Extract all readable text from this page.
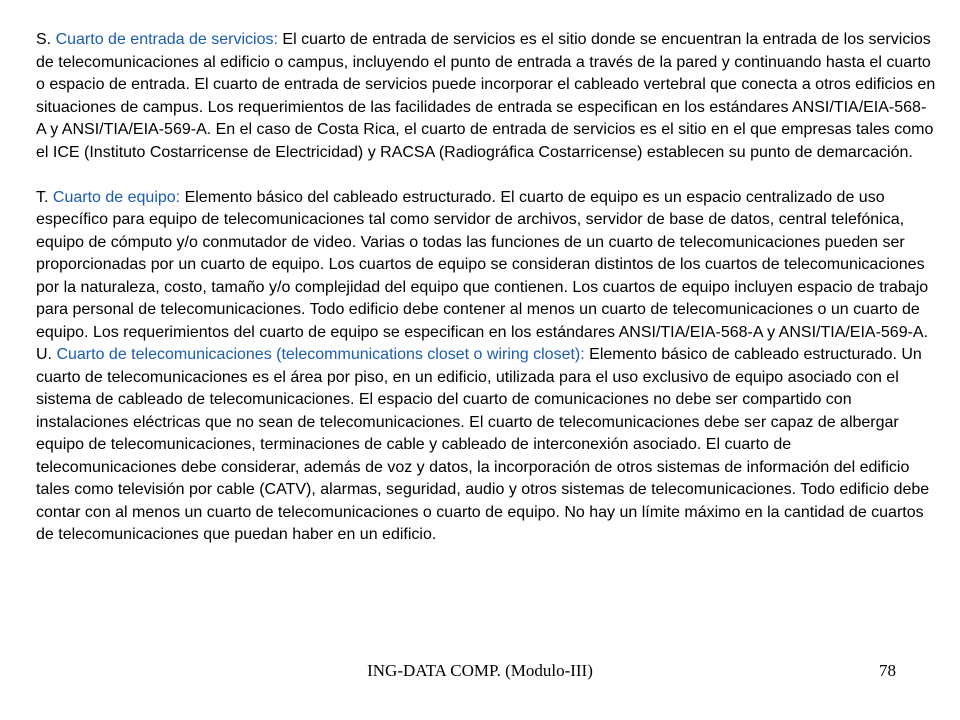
S. Cuarto de entrada de servicios: El cuarto de entrada de servicios es el sitio donde se encuentran la entrada de los servicios de telecomunicaciones al edificio o campus, incluyendo el punto de entrada a través de la pared y continuando hasta el cuarto o espacio de entrada. El cuarto de entrada de servicios puede incorporar el cableado vertebral que conecta a otros edificios en situaciones de campus. Los requerimientos de las facilidades de entrada se especifican en los estándares ANSI/TIA/EIA-568-A y ANSI/TIA/EIA-569-A. En el caso de Costa Rica, el cuarto de entrada de servicios es el sitio en el que empresas tales como el ICE (Instituto Costarricense de Electricidad) y RACSA (Radiográfica Costarricense) establecen su punto de demarcación.

T. Cuarto de equipo: Elemento básico del cableado estructurado. El cuarto de equipo es un espacio centralizado de uso específico para equipo de telecomunicaciones tal como servidor de archivos, servidor de base de datos, central telefónica, equipo de cómputo y/o conmutador de video. Varias o todas las funciones de un cuarto de telecomunicaciones pueden ser proporcionadas por un cuarto de equipo. Los cuartos de equipo se consideran distintos de los cuartos de telecomunicaciones por la naturaleza, costo, tamaño y/o complejidad del equipo que contienen. Los cuartos de equipo incluyen espacio de trabajo para personal de telecomunicaciones. Todo edificio debe contener al menos un cuarto de telecomunicaciones o un cuarto de equipo. Los requerimientos del cuarto de equipo se especifican en los estándares ANSI/TIA/EIA-568-A y ANSI/TIA/EIA-569-A.

U. Cuarto de telecomunicaciones (telecommunications closet o wiring closet): Elemento básico de cableado estructurado. Un cuarto de telecomunicaciones es el área por piso, en un edificio, utilizada para el uso exclusivo de equipo asociado con el sistema de cableado de telecomunicaciones. El espacio del cuarto de comunicaciones no debe ser compartido con instalaciones eléctricas que no sean de telecomunicaciones. El cuarto de telecomunicaciones debe ser capaz de albergar equipo de telecomunicaciones, terminaciones de cable y cableado de interconexión asociado. El cuarto de telecomunicaciones debe considerar, además de voz y datos, la incorporación de otros sistemas de información del edificio tales como televisión por cable (CATV), alarmas, seguridad, audio y otros sistemas de telecomunicaciones. Todo edificio debe contar con al menos un cuarto de telecomunicaciones o cuarto de equipo. No hay un límite máximo en la cantidad de cuartos de telecomunicaciones que puedan haber en un edificio.

ING-DATA COMP. (Modulo-III)	78
